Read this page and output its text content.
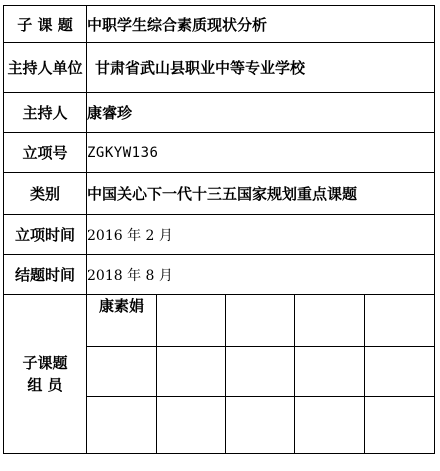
子 课 题	中职学生综合素质现状分析				
主持人单位	甘肃省武山县职业中等专业学校				
主持人	康睿珍				
立项号	ZGKYW136				
类别	中国关心下一代十三五国家规划重点课题				
立项时间	2016 年 2 月				
结题时间	2018 年 8 月				

子课题
组 员	康素娟				
